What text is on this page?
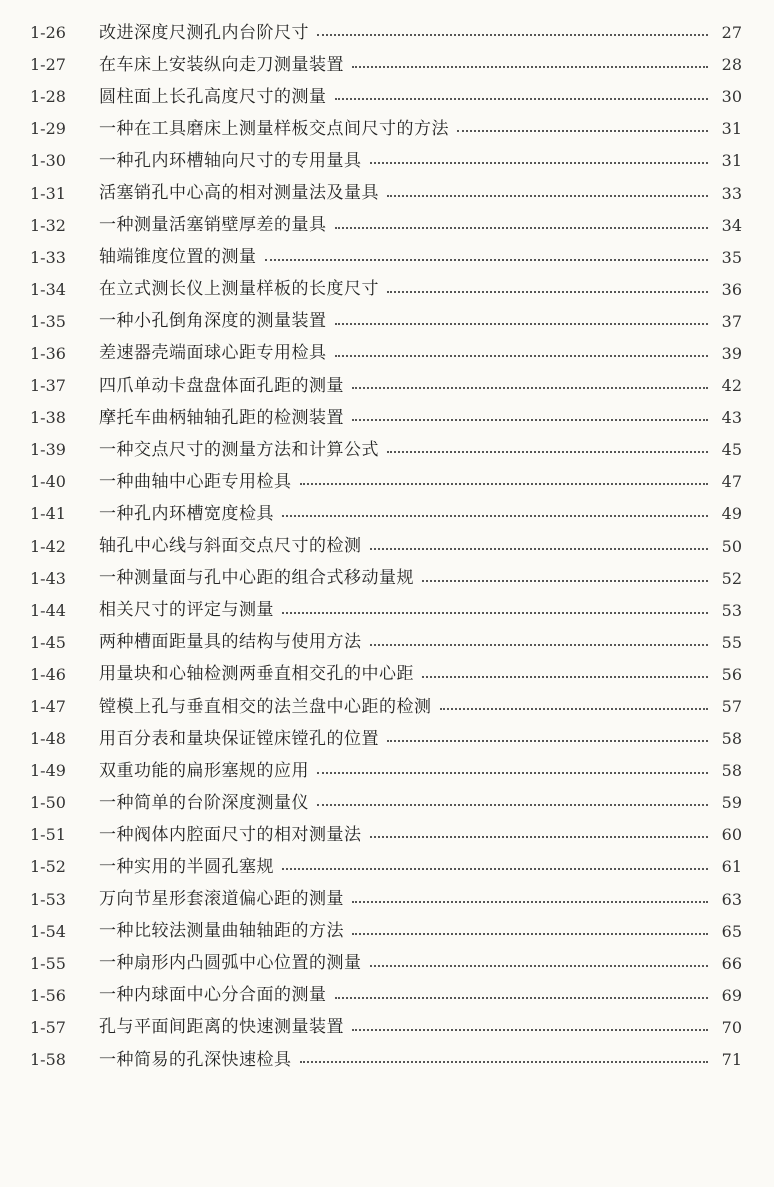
1-26	改进深度尺测孔内台阶尺寸	27
1-27	在车床上安装纵向走刀测量装置	28
1-28	圆柱面上长孔高度尺寸的测量	30
1-29	一种在工具磨床上测量样板交点间尺寸的方法	31
1-30	一种孔内环槽轴向尺寸的专用量具	31
1-31	活塞销孔中心高的相对测量法及量具	33
1-32	一种测量活塞销壁厚差的量具	34
1-33	轴端锥度位置的测量	35
1-34	在立式测长仪上测量样板的长度尺寸	36
1-35	一种小孔倒角深度的测量装置	37
1-36	差速器壳端面球心距专用检具	39
1-37	四爪单动卡盘盘体面孔距的测量	42
1-38	摩托车曲柄轴轴孔距的检测装置	43
1-39	一种交点尺寸的测量方法和计算公式	45
1-40	一种曲轴中心距专用检具	47
1-41	一种孔内环槽宽度检具	49
1-42	轴孔中心线与斜面交点尺寸的检测	50
1-43	一种测量面与孔中心距的组合式移动量规	52
1-44	相关尺寸的评定与测量	53
1-45	两种槽面距量具的结构与使用方法	55
1-46	用量块和心轴检测两垂直相交孔的中心距	56
1-47	镗模上孔与垂直相交的法兰盘中心距的检测	57
1-48	用百分表和量块保证镗床镗孔的位置	58
1-49	双重功能的扁形塞规的应用	58
1-50	一种简单的台阶深度测量仪	59
1-51	一种阀体内腔面尺寸的相对测量法	60
1-52	一种实用的半圆孔塞规	61
1-53	万向节星形套滚道偏心距的测量	63
1-54	一种比较法测量曲轴轴距的方法	65
1-55	一种扇形内凸圆弧中心位置的测量	66
1-56	一种内球面中心分合面的测量	69
1-57	孔与平面间距离的快速测量装置	70
1-58	一种简易的孔深快速检具	71
